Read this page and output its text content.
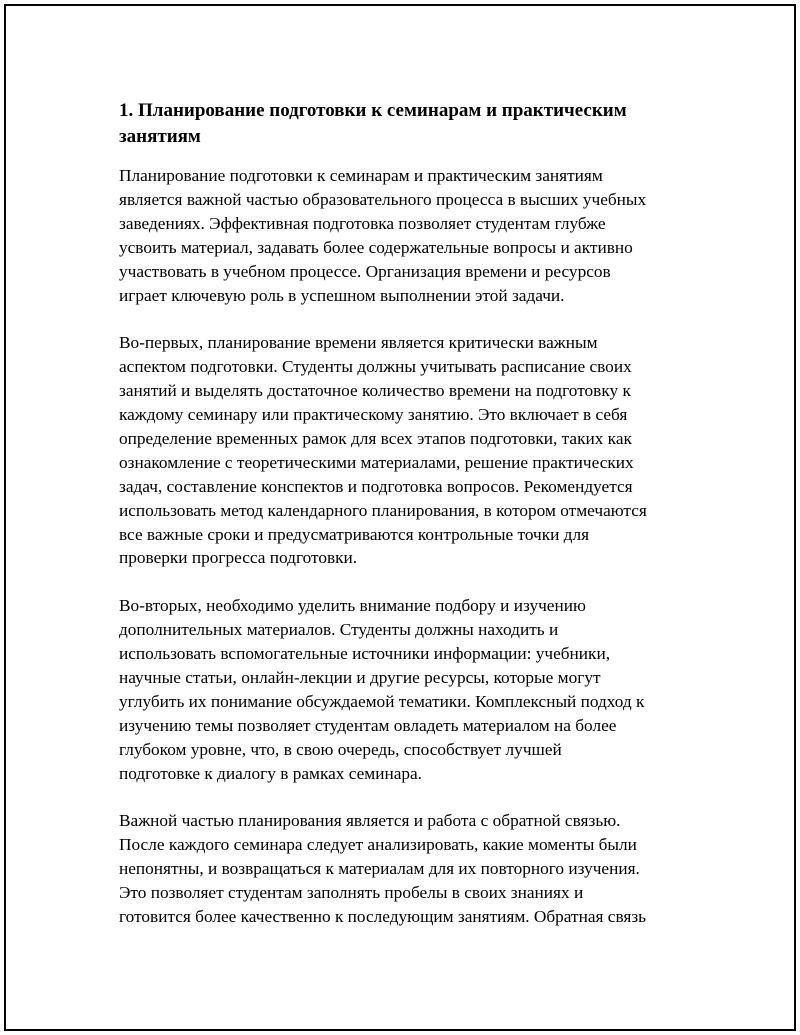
1. Планирование подготовки к семинарам и практическим
занятиям

Планирование подготовки к семинарам и практическим занятиям
является важной частью образовательного процесса в высших учебных
заведениях. Эффективная подготовка позволяет студентам глубже
усвоить материал, задавать более содержательные вопросы и активно
участвовать в учебном процессе. Организация времени и ресурсов
играет ключевую роль в успешном выполнении этой задачи.

Во-первых, планирование времени является критически важным
аспектом подготовки. Студенты должны учитывать расписание своих
занятий и выделять достаточное количество времени на подготовку к
каждому семинару или практическому занятию. Это включает в себя
определение временных рамок для всех этапов подготовки, таких как
ознакомление с теоретическими материалами, решение практических
задач, составление конспектов и подготовка вопросов. Рекомендуется
использовать метод календарного планирования, в котором отмечаются
все важные сроки и предусматриваются контрольные точки для
проверки прогресса подготовки.

Во-вторых, необходимо уделить внимание подбору и изучению
дополнительных материалов. Студенты должны находить и
использовать вспомогательные источники информации: учебники,
научные статьи, онлайн-лекции и другие ресурсы, которые могут
углубить их понимание обсуждаемой тематики. Комплексный подход к
изучению темы позволяет студентам овладеть материалом на более
глубоком уровне, что, в свою очередь, способствует лучшей
подготовке к диалогу в рамках семинара.

Важной частью планирования является и работа с обратной связью.
После каждого семинара следует анализировать, какие моменты были
непонятны, и возвращаться к материалам для их повторного изучения.
Это позволяет студентам заполнять пробелы в своих знаниях и
готовится более качественно к последующим занятиям. Обратная связь
